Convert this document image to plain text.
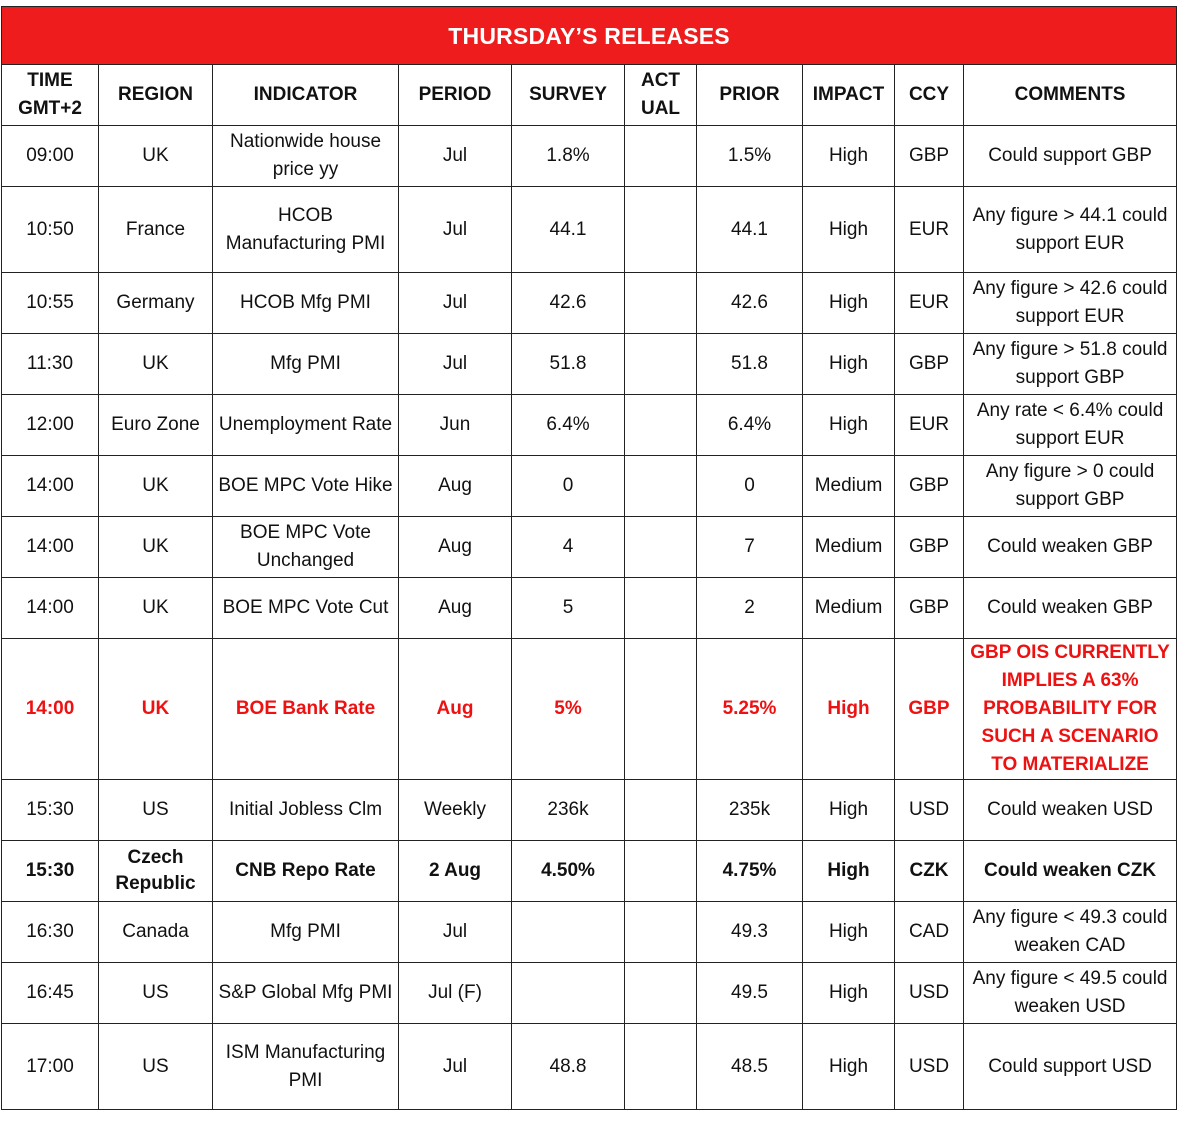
THURSDAY’S RELEASES									
TIME GMT+2	REGION	INDICATOR	PERIOD	SURVEY	ACT UAL	PRIOR	IMPACT	CCY	COMMENTS
09:00	UK	Nationwide house price yy	Jul	1.8%		1.5%	High	GBP	Could support GBP
10:50	France	HCOB Manufacturing PMI	Jul	44.1		44.1	High	EUR	Any figure > 44.1 could support EUR
10:55	Germany	HCOB Mfg PMI	Jul	42.6		42.6	High	EUR	Any figure > 42.6 could support EUR
11:30	UK	Mfg PMI	Jul	51.8		51.8	High	GBP	Any figure > 51.8 could support GBP
12:00	Euro Zone	Unemployment Rate	Jun	6.4%		6.4%	High	EUR	Any rate < 6.4% could support EUR
14:00	UK	BOE MPC Vote Hike	Aug	0		0	Medium	GBP	Any figure > 0 could support GBP
14:00	UK	BOE MPC Vote Unchanged	Aug	4		7	Medium	GBP	Could weaken GBP
14:00	UK	BOE MPC Vote Cut	Aug	5		2	Medium	GBP	Could weaken GBP
14:00	UK	BOE Bank Rate	Aug	5%		5.25%	High	GBP	GBP OIS CURRENTLY IMPLIES A 63% PROBABILITY FOR SUCH A SCENARIO TO MATERIALIZE
15:30	US	Initial Jobless Clm	Weekly	236k		235k	High	USD	Could weaken USD
15:30	Czech Republic	CNB Repo Rate	2 Aug	4.50%		4.75%	High	CZK	Could weaken CZK
16:30	Canada	Mfg PMI	Jul			49.3	High	CAD	Any figure < 49.3 could weaken CAD
16:45	US	S&P Global Mfg PMI	Jul (F)			49.5	High	USD	Any figure < 49.5 could weaken USD
17:00	US	ISM Manufacturing PMI	Jul	48.8		48.5	High	USD	Could support USD
